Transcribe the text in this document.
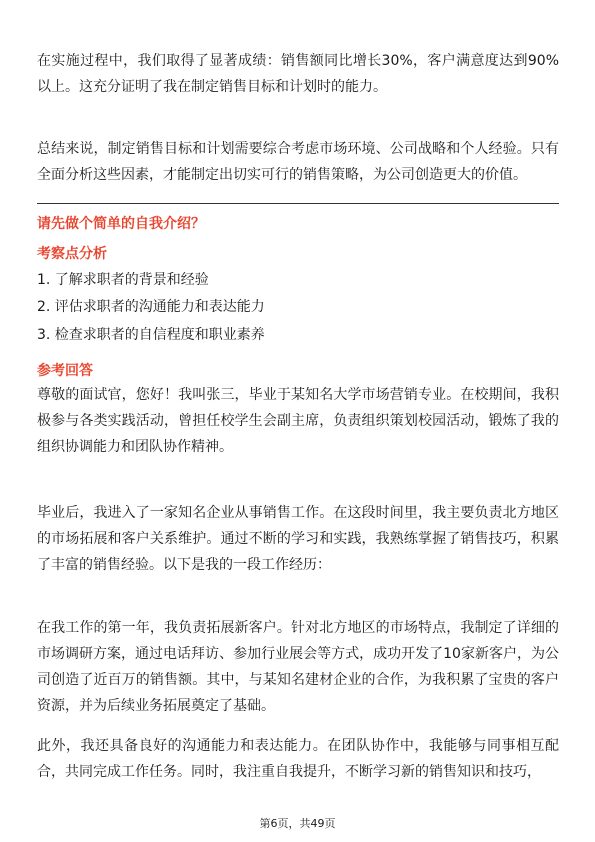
在实施过程中，我们取得了显著成绩：销售额同比增长30%，客户满意度达到90%以上。这充分证明了我在制定销售目标和计划时的能力。

总结来说，制定销售目标和计划需要综合考虑市场环境、公司战略和个人经验。只有全面分析这些因素，才能制定出切实可行的销售策略，为公司创造更大的价值。

请先做个简单的自我介绍？

考察点分析

1. 了解求职者的背景和经验

2. 评估求职者的沟通能力和表达能力

3. 检查求职者的自信程度和职业素养

参考回答

尊敬的面试官，您好！我叫张三，毕业于某知名大学市场营销专业。在校期间，我积极参与各类实践活动，曾担任校学生会副主席，负责组织策划校园活动，锻炼了我的组织协调能力和团队协作精神。

毕业后，我进入了一家知名企业从事销售工作。在这段时间里，我主要负责北方地区的市场拓展和客户关系维护。通过不断的学习和实践，我熟练掌握了销售技巧，积累了丰富的销售经验。以下是我的一段工作经历：

在我工作的第一年，我负责拓展新客户。针对北方地区的市场特点，我制定了详细的市场调研方案，通过电话拜访、参加行业展会等方式，成功开发了10家新客户，为公司创造了近百万的销售额。其中，与某知名建材企业的合作，为我积累了宝贵的客户资源，并为后续业务拓展奠定了基础。

此外，我还具备良好的沟通能力和表达能力。在团队协作中，我能够与同事相互配合，共同完成工作任务。同时，我注重自我提升，不断学习新的销售知识和技巧，

第6页，共49页
